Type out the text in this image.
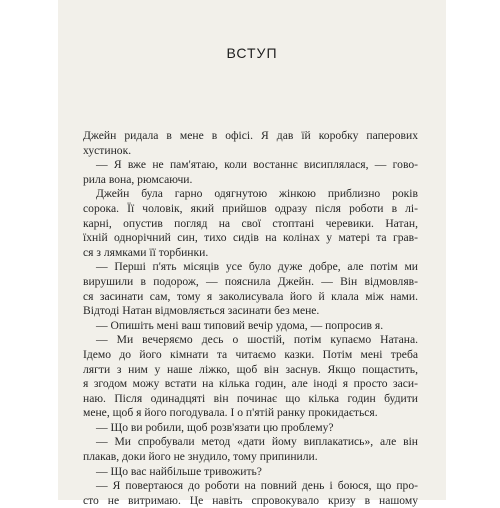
ВСТУП
Джейн ридала в мене в офісі. Я дав їй коробку паперових
хустинок.
— Я вже не пам'ятаю, коли востаннє висиплялася, — гово-
рила вона, рюмсаючи.
Джейн була гарно одягнутою жінкою приблизно років
сорока. Її чоловік, який прийшов одразу після роботи в лі-
карні, опустив погляд на свої стоптані черевики. Натан,
їхній однорічний син, тихо сидів на колінах у матері та грав-
ся з лямками її торбинки.
— Перші п'ять місяців усе було дуже добре, але потім ми
вирушили в подорож, — пояснила Джейн. — Він відмовляв-
ся засинати сам, тому я заколисувала його й клала між нами.
Відтоді Натан відмовляється засинати без мене.
— Опишіть мені ваш типовий вечір удома, — попросив я.
— Ми вечеряємо десь о шостій, потім купаємо Натана.
Ідемо до його кімнати та читаємо казки. Потім мені треба
лягти з ним у наше ліжко, щоб він заснув. Якщо пощастить,
я згодом можу встати на кілька годин, але іноді я просто заси-
наю. Після одинадцяті він починає що кілька годин будити
мене, щоб я його погодувала. І о п'ятій ранку прокидається.
— Що ви робили, щоб розв'язати цю проблему?
— Ми спробували метод «дати йому виплакатись», але він
плакав, доки його не знудило, тому припинили.
— Що вас найбільше тривожить?
— Я повертаюся до роботи на повний день і боюся, що про-
сто не витримаю. Це навіть спровокувало кризу в нашому
